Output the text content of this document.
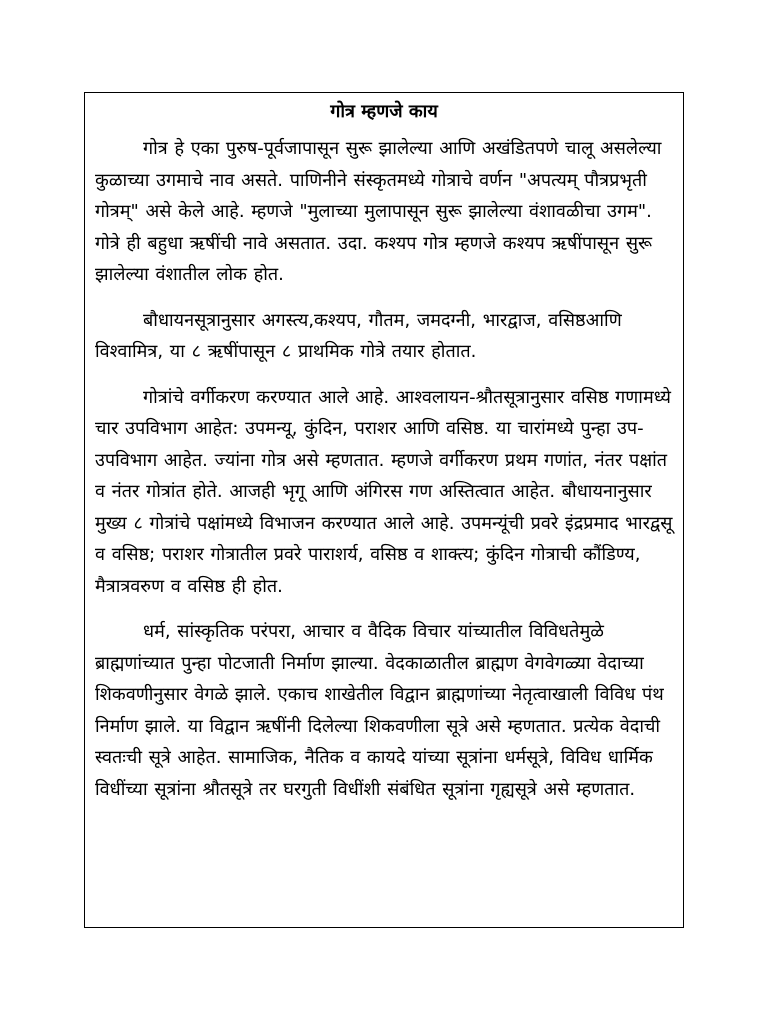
गोत्र म्हणजे काय

गोत्र हे एका पुरुष-पूर्वजापासून सुरू झालेल्या आणि अखंडितपणे चालू असलेल्या कुळाच्या उगमाचे नाव असते. पाणिनीने संस्कृतमध्ये गोत्राचे वर्णन "अपत्यम् पौत्रप्रभृती गोत्रम्" असे केले आहे. म्हणजे "मुलाच्या मुलापासून सुरू झालेल्या वंशावळीचा उगम". गोत्रे ही बहुधा ऋषींची नावे असतात. उदा. कश्यप गोत्र म्हणजे कश्यप ऋषींपासून सुरू झालेल्या वंशातील लोक होत.

बौधायनसूत्रानुसार अगस्त्य,कश्यप, गौतम, जमदग्नी, भारद्वाज, वसिष्ठआणि विश्वामित्र, या ८ ऋषींपासून ८ प्राथमिक गोत्रे तयार होतात.

गोत्रांचे वर्गीकरण करण्यात आले आहे. आश्वलायन-श्रौतसूत्रानुसार वसिष्ठ गणामध्ये चार उपविभाग आहेत: उपमन्यू, कुंदिन, पराशर आणि वसिष्ठ. या चारांमध्ये पुन्हा उप-उपविभाग आहेत. ज्यांना गोत्र असे म्हणतात. म्हणजे वर्गीकरण प्रथम गणांत, नंतर पक्षांत व नंतर गोत्रांत होते. आजही भृगू आणि अंगिरस गण अस्तित्वात आहेत. बौधायनानुसार मुख्य ८ गोत्रांचे पक्षांमध्ये विभाजन करण्यात आले आहे. उपमन्यूंची प्रवरे इंद्रप्रमाद भारद्वसू व वसिष्ठ; पराशर गोत्रातील प्रवरे पाराशर्य, वसिष्ठ व शाक्त्य; कुंदिन गोत्राची कौंडिण्य, मैत्रात्रवरुण व वसिष्ठ ही होत.

धर्म, सांस्कृतिक परंपरा, आचार व वैदिक विचार यांच्यातील विविधतेमुळे ब्राह्मणांच्यात पुन्हा पोटजाती निर्माण झाल्या. वेदकाळातील ब्राह्मण वेगवेगळ्या वेदाच्या शिकवणीनुसार वेगळे झाले. एकाच शाखेतील विद्वान ब्राह्मणांच्या नेतृत्वाखाली विविध पंथ निर्माण झाले. या विद्वान ऋषींनी दिलेल्या शिकवणीला सूत्रे असे म्हणतात. प्रत्येक वेदाची स्वतःची सूत्रे आहेत. सामाजिक, नैतिक व कायदे यांच्या सूत्रांना धर्मसूत्रे, विविध धार्मिक विधींच्या सूत्रांना श्रौतसूत्रे तर घरगुती विधींशी संबंधित सूत्रांना गृह्यसूत्रे असे म्हणतात.
